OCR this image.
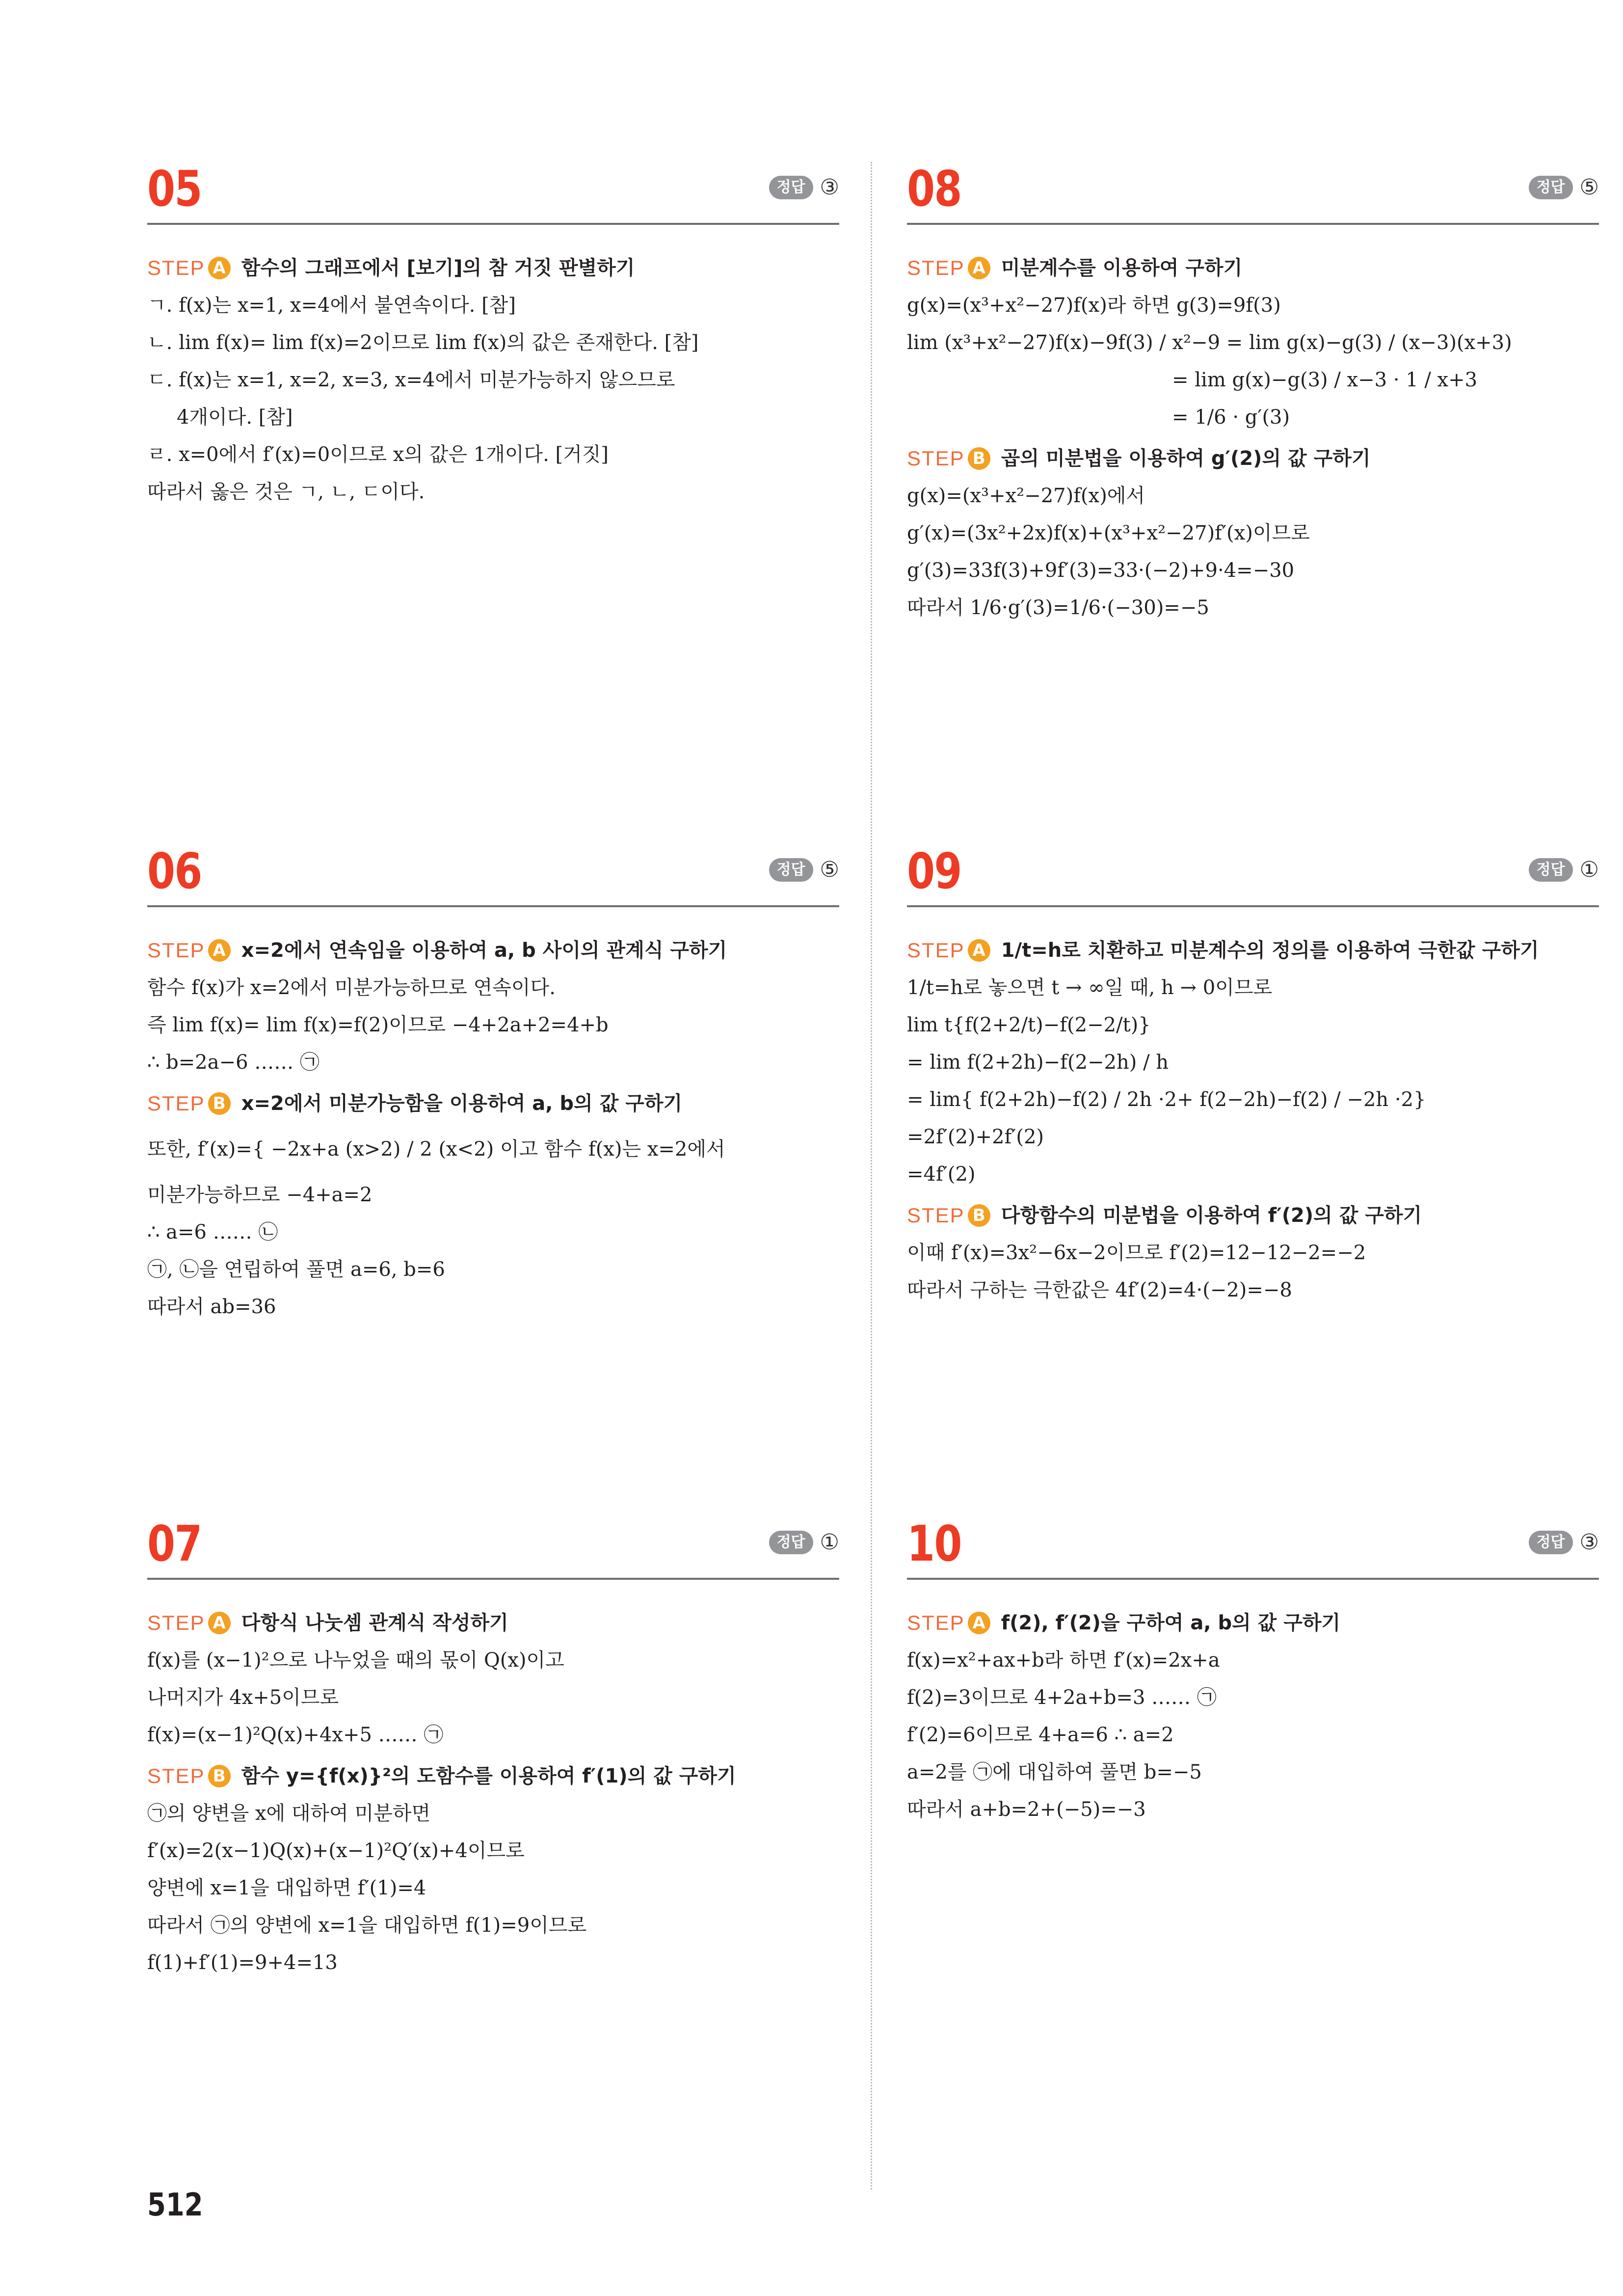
05	정답 ③
STEP A 함수의 그래프에서 [보기]의 참 거짓 판별하기
ㄱ. f(x)는 x=1, x=4에서 불연속이다. [참]
ㄴ. lim f(x)= lim f(x)=2이므로 lim f(x)의 값은 존재한다. [참]
ㄷ. f(x)는 x=1, x=2, x=3, x=4에서 미분가능하지 않으므로
4개이다. [참]
ㄹ. x=0에서 f′(x)=0이므로 x의 값은 1개이다. [거짓]
따라서 옳은 것은 ㄱ, ㄴ, ㄷ이다.
08	정답 ⑤
STEP A 미분계수를 이용하여 구하기
g(x)=(x³+x²−27)f(x)라 하면 g(3)=9f(3)
lim (x³+x²−27)f(x)−9f(3) / x²−9 = lim g(x)−g(3) / (x−3)(x+3)
= lim g(x)−g(3) / x−3 · 1 / x+3
= 1/6 · g′(3)
STEP B 곱의 미분법을 이용하여 g′(2)의 값 구하기
g(x)=(x³+x²−27)f(x)에서
g′(x)=(3x²+2x)f(x)+(x³+x²−27)f′(x)이므로
g′(3)=33f(3)+9f′(3)=33·(−2)+9·4=−30
따라서 1/6·g′(3)=1/6·(−30)=−5
06	정답 ⑤
STEP A x=2에서 연속임을 이용하여 a, b 사이의 관계식 구하기
함수 f(x)가 x=2에서 미분가능하므로 연속이다.
즉 lim f(x)= lim f(x)=f(2)이므로 −4+2a+2=4+b
∴ b=2a−6 …… ㉠
STEP B x=2에서 미분가능함을 이용하여 a, b의 값 구하기
또한, f′(x)={ −2x+a (x>2) / 2 (x<2) 이고 함수 f(x)는 x=2에서
미분가능하므로 −4+a=2
∴ a=6 …… ㉡
㉠, ㉡을 연립하여 풀면 a=6, b=6
따라서 ab=36
09	정답 ①
STEP A 1/t=h로 치환하고 미분계수의 정의를 이용하여 극한값 구하기
1/t=h로 놓으면 t → ∞일 때, h → 0이므로
lim t{f(2+2/t)−f(2−2/t)}
= lim f(2+2h)−f(2−2h) / h
= lim{ f(2+2h)−f(2) / 2h ·2+ f(2−2h)−f(2) / −2h ·2}
=2f′(2)+2f′(2)
=4f′(2)
STEP B 다항함수의 미분법을 이용하여 f′(2)의 값 구하기
이때 f′(x)=3x²−6x−2이므로 f′(2)=12−12−2=−2
따라서 구하는 극한값은 4f′(2)=4·(−2)=−8
07	정답 ①
STEP A 다항식 나눗셈 관계식 작성하기
f(x)를 (x−1)²으로 나누었을 때의 몫이 Q(x)이고
나머지가 4x+5이므로
f(x)=(x−1)²Q(x)+4x+5 …… ㉠
STEP B 함수 y={f(x)}²의 도함수를 이용하여 f′(1)의 값 구하기
㉠의 양변을 x에 대하여 미분하면
f′(x)=2(x−1)Q(x)+(x−1)²Q′(x)+4이므로
양변에 x=1을 대입하면 f′(1)=4
따라서 ㉠의 양변에 x=1을 대입하면 f(1)=9이므로
f(1)+f′(1)=9+4=13
10	정답 ③
STEP A f(2), f′(2)을 구하여 a, b의 값 구하기
f(x)=x²+ax+b라 하면 f′(x)=2x+a
f(2)=3이므로 4+2a+b=3 …… ㉠
f′(2)=6이므로 4+a=6 ∴ a=2
a=2를 ㉠에 대입하여 풀면 b=−5
따라서 a+b=2+(−5)=−3
512
